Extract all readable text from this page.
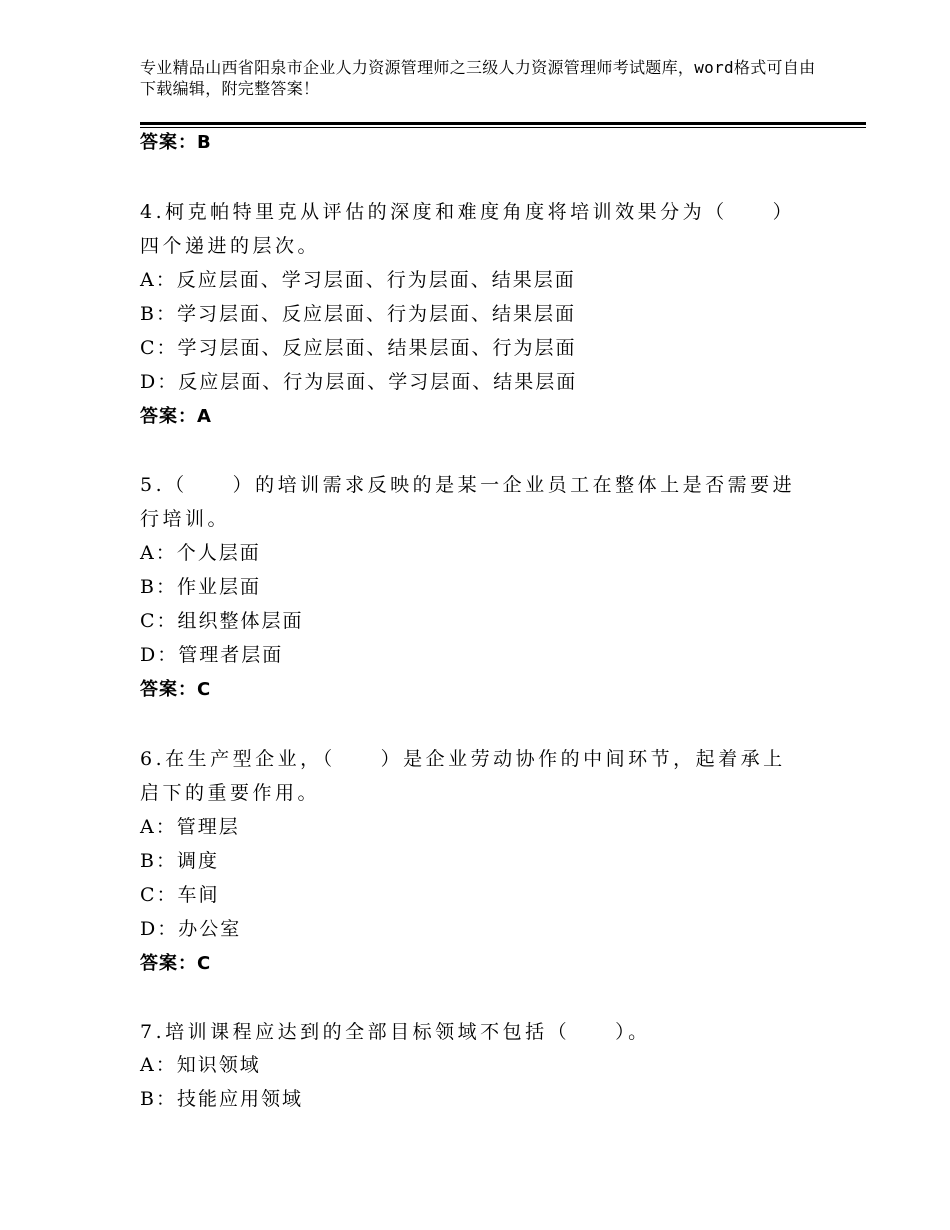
专业精品山西省阳泉市企业人力资源管理师之三级人力资源管理师考试题库，word格式可自由下载编辑，附完整答案！
答案：B
4.柯克帕特里克从评估的深度和难度角度将培训效果分为（　　）四个递进的层次。
A：反应层面、学习层面、行为层面、结果层面
B：学习层面、反应层面、行为层面、结果层面
C：学习层面、反应层面、结果层面、行为层面
D：反应层面、行为层面、学习层面、结果层面
答案：A
5.（　　）的培训需求反映的是某一企业员工在整体上是否需要进行培训。
A：个人层面
B：作业层面
C：组织整体层面
D：管理者层面
答案：C
6.在生产型企业，（　　）是企业劳动协作的中间环节，起着承上启下的重要作用。
A：管理层
B：调度
C：车间
D：办公室
答案：C
7.培训课程应达到的全部目标领域不包括（　　）。
A：知识领域
B：技能应用领域
